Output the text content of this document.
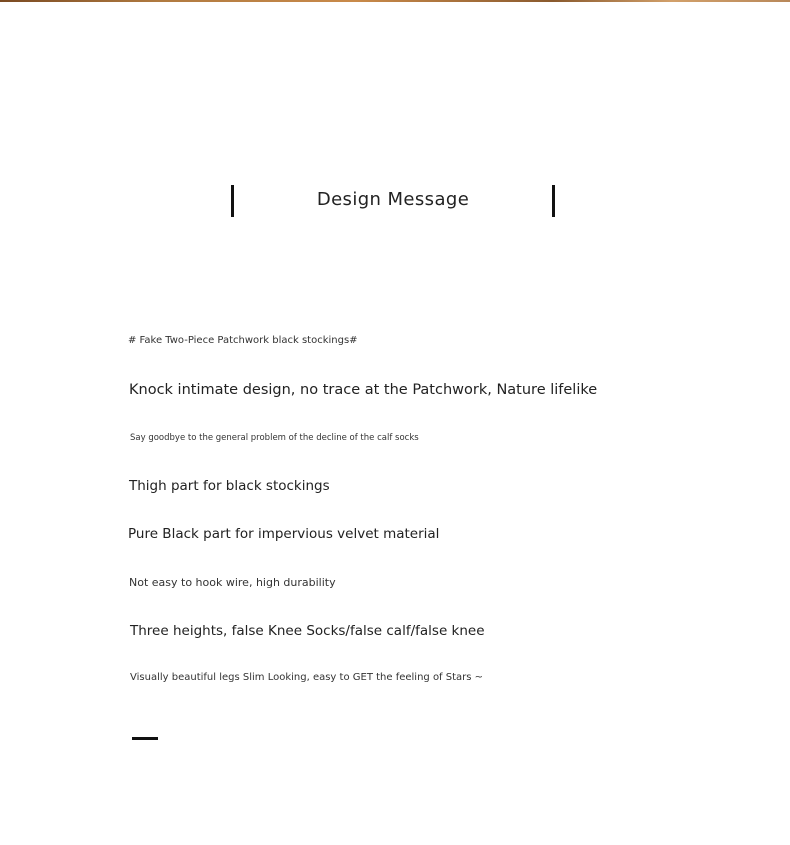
Design Message
# Fake Two-Piece Patchwork black stockings#
Knock intimate design, no trace at the Patchwork, Nature lifelike
Say goodbye to the general problem of the decline of the calf socks
Thigh part for black stockings
Pure Black part for impervious velvet material
Not easy to hook wire, high durability
Three heights, false Knee Socks/false calf/false knee
Visually beautiful legs Slim Looking, easy to GET the feeling of Stars ~
